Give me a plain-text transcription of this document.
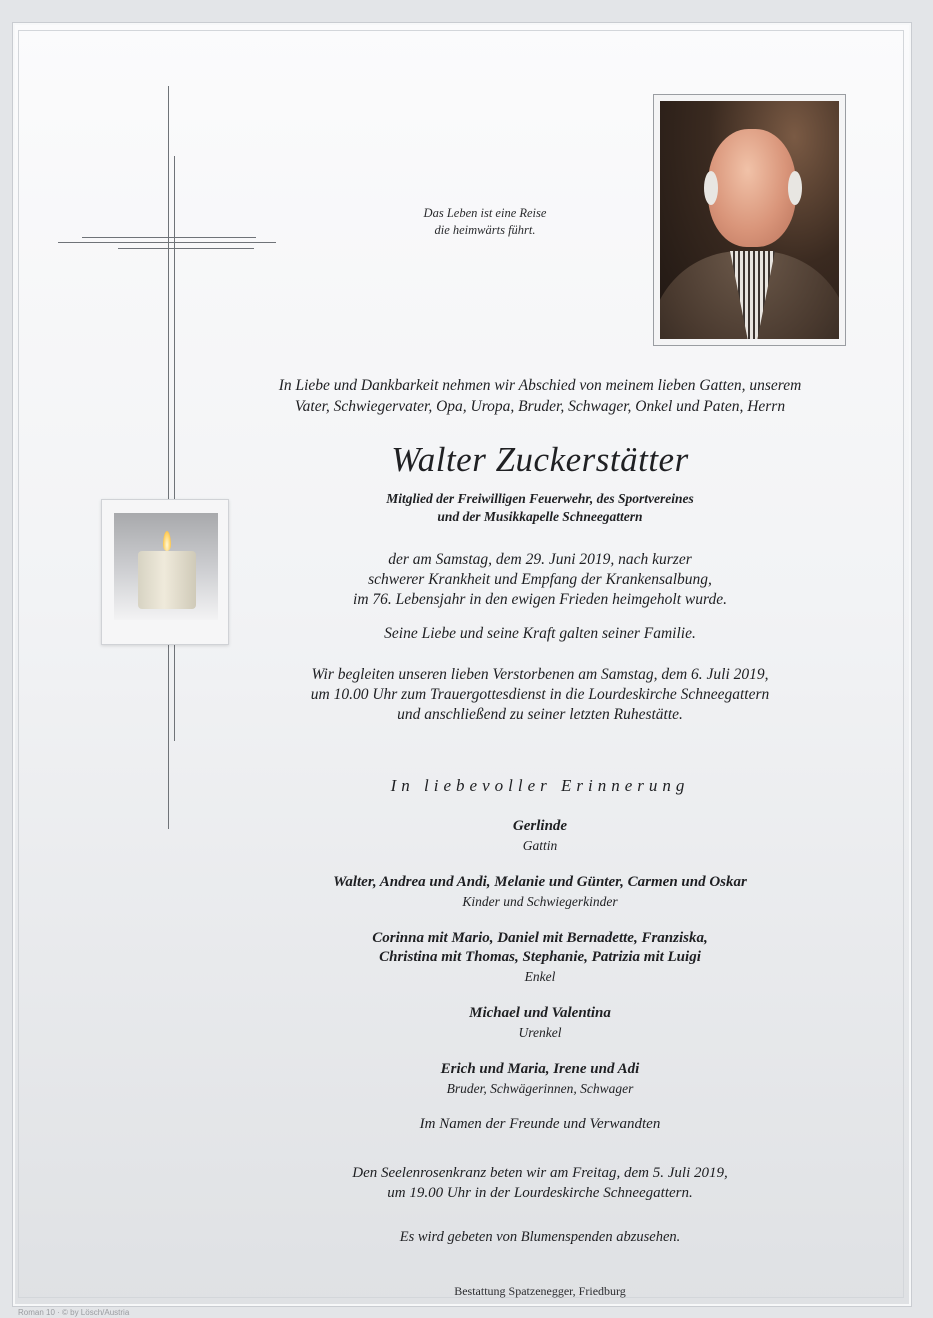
Das Leben ist eine Reise
die heimwärts führt.
In Liebe und Dankbarkeit nehmen wir Abschied von meinem lieben Gatten, unserem
Vater, Schwiegervater, Opa, Uropa, Bruder, Schwager, Onkel und Paten, Herrn
Walter Zuckerstätter
Mitglied der Freiwilligen Feuerwehr, des Sportvereines
und der Musikkapelle Schneegattern
der am Samstag, dem 29. Juni 2019, nach kurzer
schwerer Krankheit und Empfang der Krankensalbung,
im 76. Lebensjahr in den ewigen Frieden heimgeholt wurde.
Seine Liebe und seine Kraft galten seiner Familie.
Wir begleiten unseren lieben Verstorbenen am Samstag, dem 6. Juli 2019,
um 10.00 Uhr zum Trauergottesdienst in die Lourdeskirche Schneegattern
und anschließend zu seiner letzten Ruhestätte.
In liebevoller Erinnerung
Gerlinde
Gattin
Walter, Andrea und Andi, Melanie und Günter, Carmen und Oskar
Kinder und Schwiegerkinder
Corinna mit Mario, Daniel mit Bernadette, Franziska,
Christina mit Thomas, Stephanie, Patrizia mit Luigi
Enkel
Michael und Valentina
Urenkel
Erich und Maria, Irene und Adi
Bruder, Schwägerinnen, Schwager
Im Namen der Freunde und Verwandten
Den Seelenrosenkranz beten wir am Freitag, dem 5. Juli 2019,
um 19.00 Uhr in der Lourdeskirche Schneegattern.
Es wird gebeten von Blumenspenden abzusehen.
Bestattung Spatzenegger, Friedburg
Roman 10 · © by Lösch/Austria
